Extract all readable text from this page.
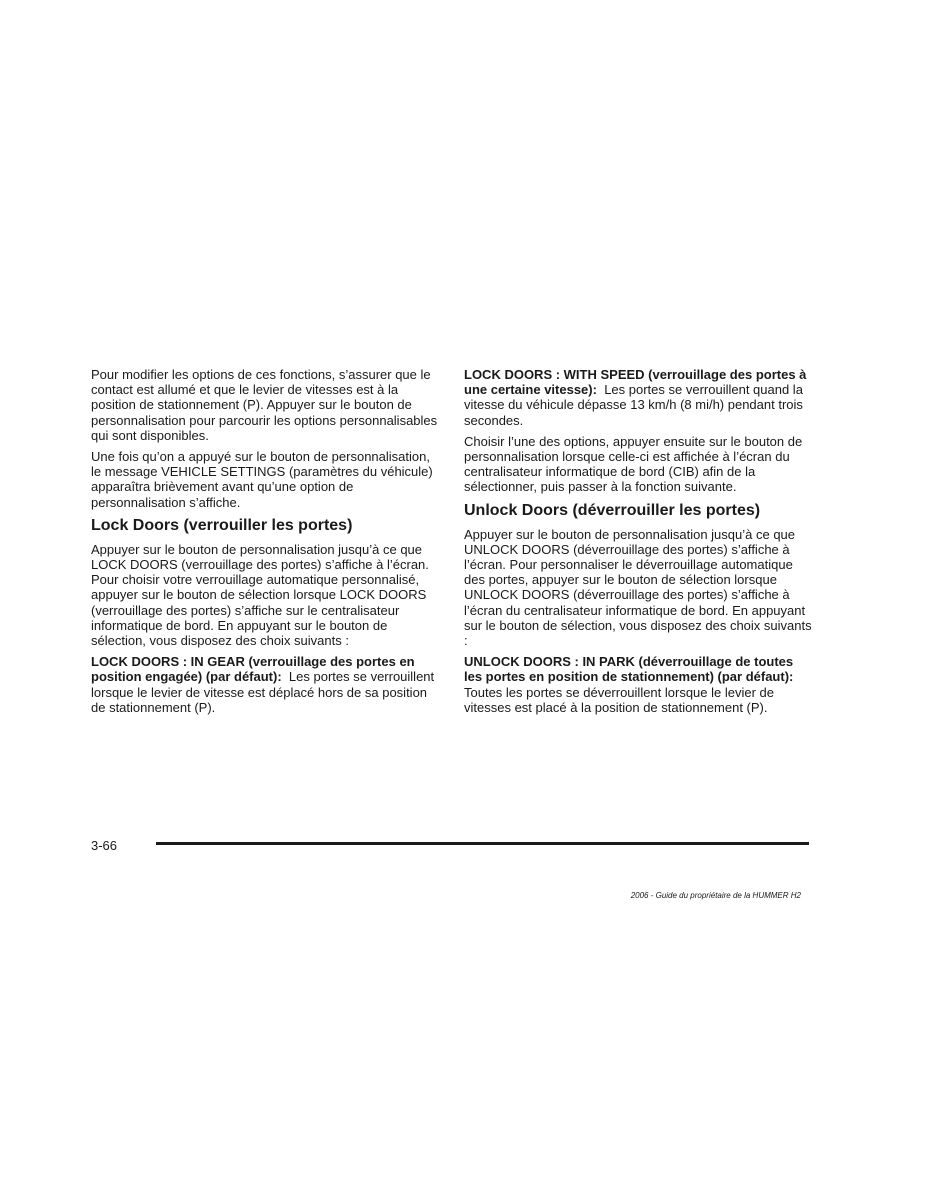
Pour modifier les options de ces fonctions, s’assurer que le contact est allumé et que le levier de vitesses est à la position de stationnement (P). Appuyer sur le bouton de personnalisation pour parcourir les options personnalisables qui sont disponibles.

Une fois qu’on a appuyé sur le bouton de personnalisation, le message VEHICLE SETTINGS (paramètres du véhicule) apparaîtra brièvement avant qu’une option de personnalisation s’affiche.

Lock Doors (verrouiller les portes)

Appuyer sur le bouton de personnalisation jusqu’à ce que LOCK DOORS (verrouillage des portes) s’affiche à l’écran. Pour choisir votre verrouillage automatique personnalisé, appuyer sur le bouton de sélection lorsque LOCK DOORS (verrouillage des portes) s’affiche sur le centralisateur informatique de bord. En appuyant sur le bouton de sélection, vous disposez des choix suivants :

LOCK DOORS : IN GEAR (verrouillage des portes en position engagée) (par défaut): Les portes se verrouillent lorsque le levier de vitesse est déplacé hors de sa position de stationnement (P).

LOCK DOORS : WITH SPEED (verrouillage des portes à une certaine vitesse): Les portes se verrouillent quand la vitesse du véhicule dépasse 13 km/h (8 mi/h) pendant trois secondes.

Choisir l’une des options, appuyer ensuite sur le bouton de personnalisation lorsque celle-ci est affichée à l’écran du centralisateur informatique de bord (CIB) afin de la sélectionner, puis passer à la fonction suivante.

Unlock Doors (déverrouiller les portes)

Appuyer sur le bouton de personnalisation jusqu’à ce que UNLOCK DOORS (déverrouillage des portes) s’affiche à l’écran. Pour personnaliser le déverrouillage automatique des portes, appuyer sur le bouton de sélection lorsque UNLOCK DOORS (déverrouillage des portes) s’affiche à l’écran du centralisateur informatique de bord. En appuyant sur le bouton de sélection, vous disposez des choix suivants :

UNLOCK DOORS : IN PARK (déverrouillage de toutes les portes en position de stationnement) (par défaut):  Toutes les portes se déverrouillent lorsque le levier de vitesses est placé à la position de stationnement (P).

3-66
2006 - Guide du propriétaire de la HUMMER H2
